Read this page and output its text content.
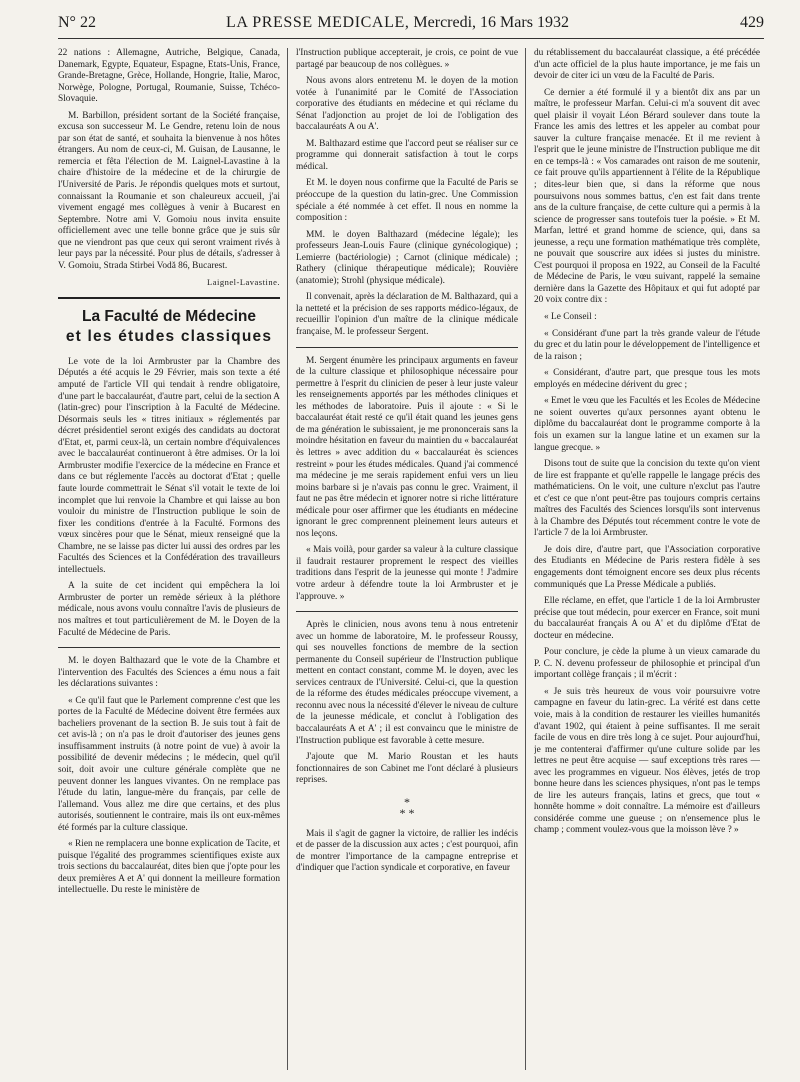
N° 22	LA PRESSE MEDICALE, Mercredi, 16 Mars 1932	429

22 nations : Allemagne, Autriche, Belgique, Canada, Danemark, Egypte, Equateur, Espagne, Etats-Unis, France, Grande-Bretagne, Grèce, Hollande, Hongrie, Italie, Maroc, Norwège, Pologne, Portugal, Roumanie, Suisse, Tchéco-Slovaquie.

M. Barbillon, président sortant de la Société française, excusa son successeur M. Le Gendre, retenu loin de nous par son état de santé, et souhaita la bienvenue à nos hôtes étrangers. Au nom de ceux-ci, M. Guisan, de Lausanne, le remercia et fêta l'élection de M. Laignel-Lavastine à la chaire d'histoire de la médecine et de la chirurgie de l'Université de Paris. Je répondis quelques mots et surtout, connaissant la Roumanie et son chaleureux accueil, j'ai vivement engagé mes collègues à venir à Bucarest en Septembre. Notre ami V. Gomoiu nous invita ensuite officiellement avec une telle bonne grâce que je suis sûr que ne viendront pas que ceux qui seront vraiment rivés à leur pays par la nécessité. Pour plus de détails, s'adresser à V. Gomoiu, Strada Stirbei Vodă 86, Bucarest.

Laignel-Lavastine.
La Faculté de Médecine
et les études classiques

Le vote de la loi Armbruster par la Chambre des Députés a été acquis le 29 Février, mais son texte a été amputé de l'article VII qui tendait à rendre obligatoire, d'une part le baccalauréat, d'autre part, celui de la section A (latin-grec) pour l'inscription à la Faculté de Médecine. Désormais seuls les « titres initiaux » réglementés par décret présidentiel seront exigés des candidats au doctorat d'Etat, et, parmi ceux-là, un certain nombre d'équivalences avec le baccalauréat continueront à être admises. Or la loi Armbruster modifie l'exercice de la médecine en France et dans ce but réglemente l'accès au doctorat d'Etat ; quelle faute lourde commettrait le Sénat s'il votait le texte de loi incomplet que lui renvoie la Chambre et qui laisse au bon vouloir du ministre de l'Instruction publique le soin de fixer les conditions d'entrée à la Faculté. Formons des vœux sincères pour que le Sénat, mieux renseigné que la Chambre, ne se laisse pas dicter lui aussi des ordres par les Facultés des Sciences et la Confédération des travailleurs intellectuels.

A la suite de cet incident qui empêchera la loi Armbruster de porter un remède sérieux à la pléthore médicale, nous avons voulu connaître l'avis de plusieurs de nos maîtres et tout particulièrement de M. le Doyen de la Faculté de Médecine de Paris.

M. le doyen Balthazard que le vote de la Chambre et l'intervention des Facultés des Sciences a ému nous a fait les déclarations suivantes :

« Ce qu'il faut que le Parlement comprenne c'est que les portes de la Faculté de Médecine doivent être fermées aux bacheliers provenant de la section B. Je suis tout à fait de cet avis-là ; on n'a pas le droit d'autoriser des jeunes gens insuffisamment instruits (à notre point de vue) à avoir la possibilité de devenir médecins ; le médecin, quel qu'il soit, doit avoir une culture générale complète que ne peuvent donner les langues vivantes. On ne remplace pas l'étude du latin, langue-mère du français, par celle de l'allemand. Vous allez me dire que certains, et des plus autorisés, soutiennent le contraire, mais ils ont eux-mêmes été formés par la culture classique.

« Rien ne remplacera une bonne explication de Tacite, et puisque l'égalité des programmes scientifiques existe aux trois sections du baccalauréat, dites bien que j'opte pour les deux premières A et A' qui donnent la meilleure formation intellectuelle. Du reste le ministère de

l'Instruction publique accepterait, je crois, ce point de vue partagé par beaucoup de nos collègues. »

Nous avons alors entretenu M. le doyen de la motion votée à l'unanimité par le Comité de l'Association corporative des étudiants en médecine et qui réclame du Sénat l'adjonction au projet de loi de l'obligation des baccalauréats A ou A'.

M. Balthazard estime que l'accord peut se réaliser sur ce programme qui donnerait satisfaction à tout le corps médical.

Et M. le doyen nous confirme que la Faculté de Paris se préoccupe de la question du latin-grec. Une Commission spéciale a été nommée à cet effet. Il nous en nomme la composition :

MM. le doyen Balthazard (médecine légale); les professeurs Jean-Louis Faure (clinique gynécologique) ; Lemierre (bactériologie) ; Carnot (clinique médicale) ; Rathery (clinique thérapeutique médicale); Rouvière (anatomie); Strohl (physique médicale).

Il convenait, après la déclaration de M. Balthazard, qui a la netteté et la précision de ses rapports médico-légaux, de recueillir l'opinion d'un maître de la clinique médicale française, M. le professeur Sergent.

M. Sergent énumère les principaux arguments en faveur de la culture classique et philosophique nécessaire pour permettre à l'esprit du clinicien de peser à leur juste valeur les renseignements apportés par les méthodes cliniques et les méthodes de laboratoire. Puis il ajoute : « Si le baccalauréat était resté ce qu'il était quand les jeunes gens de ma génération le subissaient, je me prononcerais sans la moindre hésitation en faveur du maintien du « baccalauréat ès lettres » avec addition du « baccalauréat ès sciences restreint » pour les études médicales. Quand j'ai commencé ma médecine je me serais rapidement enfui vers un lieu moins barbare si je n'avais pas connu le grec. Vraiment, il faut ne pas être médecin et ignorer notre si riche littérature médicale pour oser affirmer que les étudiants en médecine ignorant le grec comprennent pleinement leurs auteurs et nos leçons.

« Mais voilà, pour garder sa valeur à la culture classique il faudrait restaurer proprement le respect des vieilles traditions dans l'esprit de la jeunesse qui monte ! J'admire votre ardeur à défendre toute la loi Armbruster et je l'approuve. »

Après le clinicien, nous avons tenu à nous entretenir avec un homme de laboratoire, M. le professeur Roussy, qui ses nouvelles fonctions de membre de la section permanente du Conseil supérieur de l'Instruction publique mettent en contact constant, comme M. le doyen, avec les services centraux de l'Université. Celui-ci, que la question de la réforme des études médicales préoccupe vivement, a reconnu avec nous la nécessité d'élever le niveau de culture de la jeunesse médicale, et conclut à l'obligation des baccalauréats A et A' ; il est convaincu que le ministre de l'Instruction publique est favorable à cette mesure.

J'ajoute que M. Mario Roustan et les hauts fonctionnaires de son Cabinet me l'ont déclaré à plusieurs reprises.

*
* *

Mais il s'agit de gagner la victoire, de rallier les indécis et de passer de la discussion aux actes ; c'est pourquoi, afin de montrer l'importance de la campagne entreprise et d'indiquer que l'action syndicale et corporative, en faveur

du rétablissement du baccalauréat classique, a été précédée d'un acte officiel de la plus haute importance, je me fais un devoir de citer ici un vœu de la Faculté de Paris.

Ce dernier a été formulé il y a bientôt dix ans par un maître, le professeur Marfan. Celui-ci m'a souvent dit avec quel plaisir il voyait Léon Bérard soulever dans toute la France les amis des lettres et les appeler au combat pour sauver la culture française menacée. Et il me revient à l'esprit que le jeune ministre de l'Instruction publique me dit en ce temps-là : « Vos camarades ont raison de me soutenir, ce fait prouve qu'ils appartiennent à l'élite de la République ; dites-leur bien que, si dans la réforme que nous poursuivons nous sommes battus, c'en est fait dans trente ans de la culture française, de cette culture qui a permis à la science de progresser sans toutefois tuer la poésie. » Et M. Marfan, lettré et grand homme de science, qui, dans sa jeunesse, a reçu une formation mathématique très complète, ne pouvait que souscrire aux idées si justes du ministre. C'est pourquoi il proposa en 1922, au Conseil de la Faculté de Médecine de Paris, le vœu suivant, rappelé la semaine dernière dans la Gazette des Hôpitaux et qui fut adopté par 20 voix contre dix :

« Le Conseil :

« Considérant d'une part la très grande valeur de l'étude du grec et du latin pour le développement de l'intelligence et de la raison ;

« Considérant, d'autre part, que presque tous les mots employés en médecine dérivent du grec ;

« Emet le vœu que les Facultés et les Ecoles de Médecine ne soient ouvertes qu'aux personnes ayant obtenu le diplôme du baccalauréat dont le programme comporte à la fois un examen sur la langue latine et un examen sur la langue grecque. »

Disons tout de suite que la concision du texte qu'on vient de lire est frappante et qu'elle rappelle le langage précis des mathématiciens. On le voit, une culture n'exclut pas l'autre et c'est ce que n'ont peut-être pas toujours compris certains maîtres des Facultés des Sciences lorsqu'ils sont intervenus à la Chambre des Députés tout récemment contre le vote de l'article 7 de la loi Armbruster.

Je dois dire, d'autre part, que l'Association corporative des Etudiants en Médecine de Paris restera fidèle à ses engagements dont témoignent encore ses deux plus récents communiqués que La Presse Médicale a publiés.

Elle réclame, en effet, que l'article 1 de la loi Armbruster précise que tout médecin, pour exercer en France, soit muni du baccalauréat français A ou A' et du diplôme d'Etat de docteur en médecine.

Pour conclure, je cède la plume à un vieux camarade du P. C. N. devenu professeur de philosophie et principal d'un important collège français ; il m'écrit :

« Je suis très heureux de vous voir poursuivre votre campagne en faveur du latin-grec. La vérité est dans cette voie, mais à la condition de restaurer les vieilles humanités d'avant 1902, qui étaient à peine suffisantes. Il me serait facile de vous en dire très long à ce sujet. Pour aujourd'hui, je me contenterai d'affirmer qu'une culture solide par les lettres ne peut être acquise — sauf exceptions très rares — avec les programmes en vigueur. Nos élèves, jetés de trop bonne heure dans les sciences physiques, n'ont pas le temps de lire les auteurs français, latins et grecs, que tout « honnête homme » doit connaître. La mémoire est d'ailleurs considérée comme une gueuse ; on n'ensemence plus le champ ; comment voulez-vous que la moisson lève ? »
